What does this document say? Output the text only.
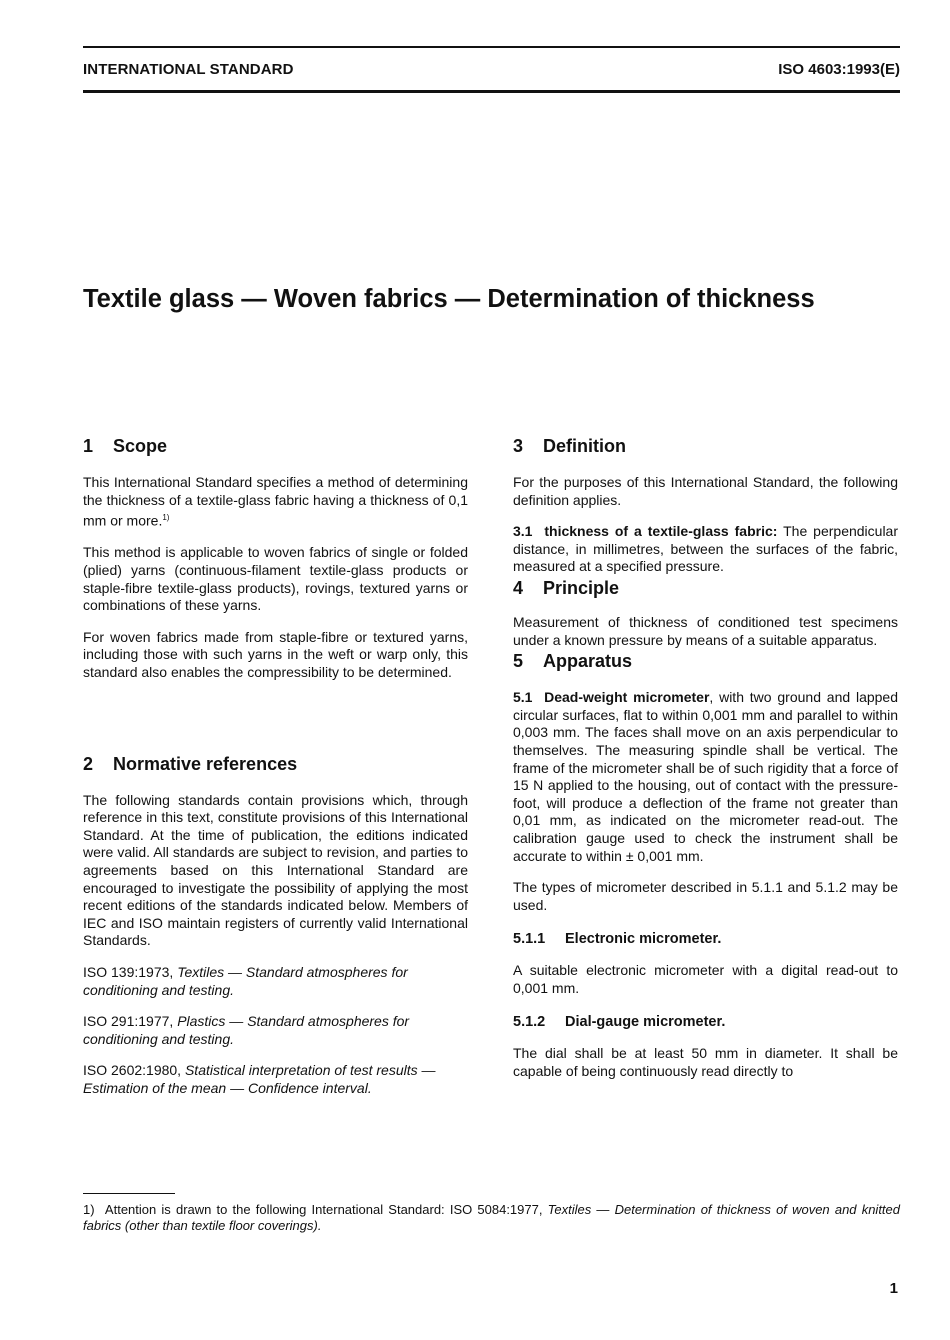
INTERNATIONAL STANDARD	ISO 4603:1993(E)
Textile glass — Woven fabrics — Determination of thickness
1 Scope

This International Standard specifies a method of determining the thickness of a textile-glass fabric having a thickness of 0,1 mm or more.$^{1)}$

This method is applicable to woven fabrics of single or folded (plied) yarns (continuous-filament textile-glass products or staple-fibre textile-glass products), rovings, textured yarns or combinations of these yarns.

For woven fabrics made from staple-fibre or textured yarns, including those with such yarns in the weft or warp only, this standard also enables the compressibility to be determined.

2 Normative references

The following standards contain provisions which, through reference in this text, constitute provisions of this International Standard. At the time of publication, the editions indicated were valid. All standards are subject to revision, and parties to agreements based on this International Standard are encouraged to investigate the possibility of applying the most recent editions of the standards indicated below. Members of IEC and ISO maintain registers of currently valid International Standards.

ISO 139:1973, Textiles — Standard atmospheres for conditioning and testing.

ISO 291:1977, Plastics — Standard atmospheres for conditioning and testing.

ISO 2602:1980, Statistical interpretation of test results — Estimation of the mean — Confidence interval.

3 Definition

For the purposes of this International Standard, the following definition applies.

3.1 thickness of a textile-glass fabric: The perpendicular distance, in millimetres, between the surfaces of the fabric, measured at a specified pressure.

4 Principle

Measurement of thickness of conditioned test specimens under a known pressure by means of a suitable apparatus.

5 Apparatus

5.1 Dead-weight micrometer, with two ground and lapped circular surfaces, flat to within 0,001 mm and parallel to within 0,003 mm. The faces shall move on an axis perpendicular to themselves. The measuring spindle shall be vertical. The frame of the micrometer shall be of such rigidity that a force of 15 N applied to the housing, out of contact with the pressure-foot, will produce a deflection of the frame not greater than 0,01 mm, as indicated on the micrometer read-out. The calibration gauge used to check the instrument shall be accurate to within ± 0,001 mm.

The types of micrometer described in 5.1.1 and 5.1.2 may be used.

5.1.1 Electronic micrometer.

A suitable electronic micrometer with a digital read-out to 0,001 mm.

5.1.2 Dial-gauge micrometer.

The dial shall be at least 50 mm in diameter. It shall be capable of being continuously read directly to

1) Attention is drawn to the following International Standard: ISO 5084:1977, Textiles — Determination of thickness of woven and knitted fabrics (other than textile floor coverings).

1
